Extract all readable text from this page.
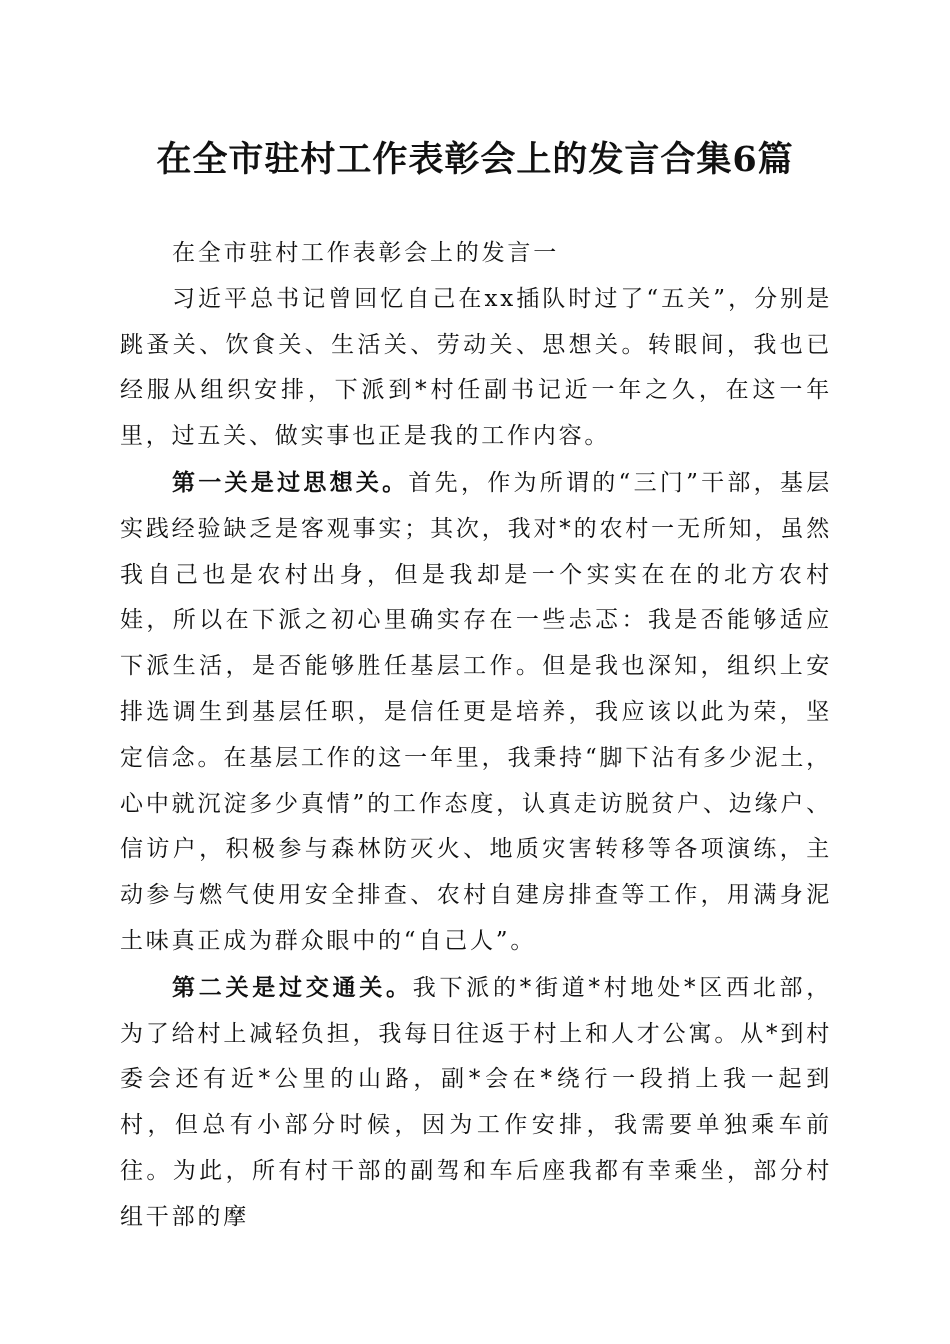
在全市驻村工作表彰会上的发言合集6篇

在全市驻村工作表彰会上的发言一

习近平总书记曾回忆自己在xx插队时过了“五关”，分别是跳蚤关、饮食关、生活关、劳动关、思想关。转眼间，我也已经服从组织安排，下派到*村任副书记近一年之久，在这一年里，过五关、做实事也正是我的工作内容。

第一关是过思想关。首先，作为所谓的“三门”干部，基层实践经验缺乏是客观事实；其次，我对*的农村一无所知，虽然我自己也是农村出身，但是我却是一个实实在在的北方农村娃，所以在下派之初心里确实存在一些忐忑：我是否能够适应下派生活，是否能够胜任基层工作。但是我也深知，组织上安排选调生到基层任职，是信任更是培养，我应该以此为荣，坚定信念。在基层工作的这一年里，我秉持“脚下沾有多少泥土，心中就沉淀多少真情”的工作态度，认真走访脱贫户、边缘户、信访户，积极参与森林防灭火、地质灾害转移等各项演练，主动参与燃气使用安全排查、农村自建房排查等工作，用满身泥土味真正成为群众眼中的“自己人”。

第二关是过交通关。我下派的*街道*村地处*区西北部，为了给村上减轻负担，我每日往返于村上和人才公寓。从*到村委会还有近*公里的山路，副*会在*绕行一段捎上我一起到村，但总有小部分时候，因为工作安排，我需要单独乘车前往。为此，所有村干部的副驾和车后座我都有幸乘坐，部分村组干部的摩
